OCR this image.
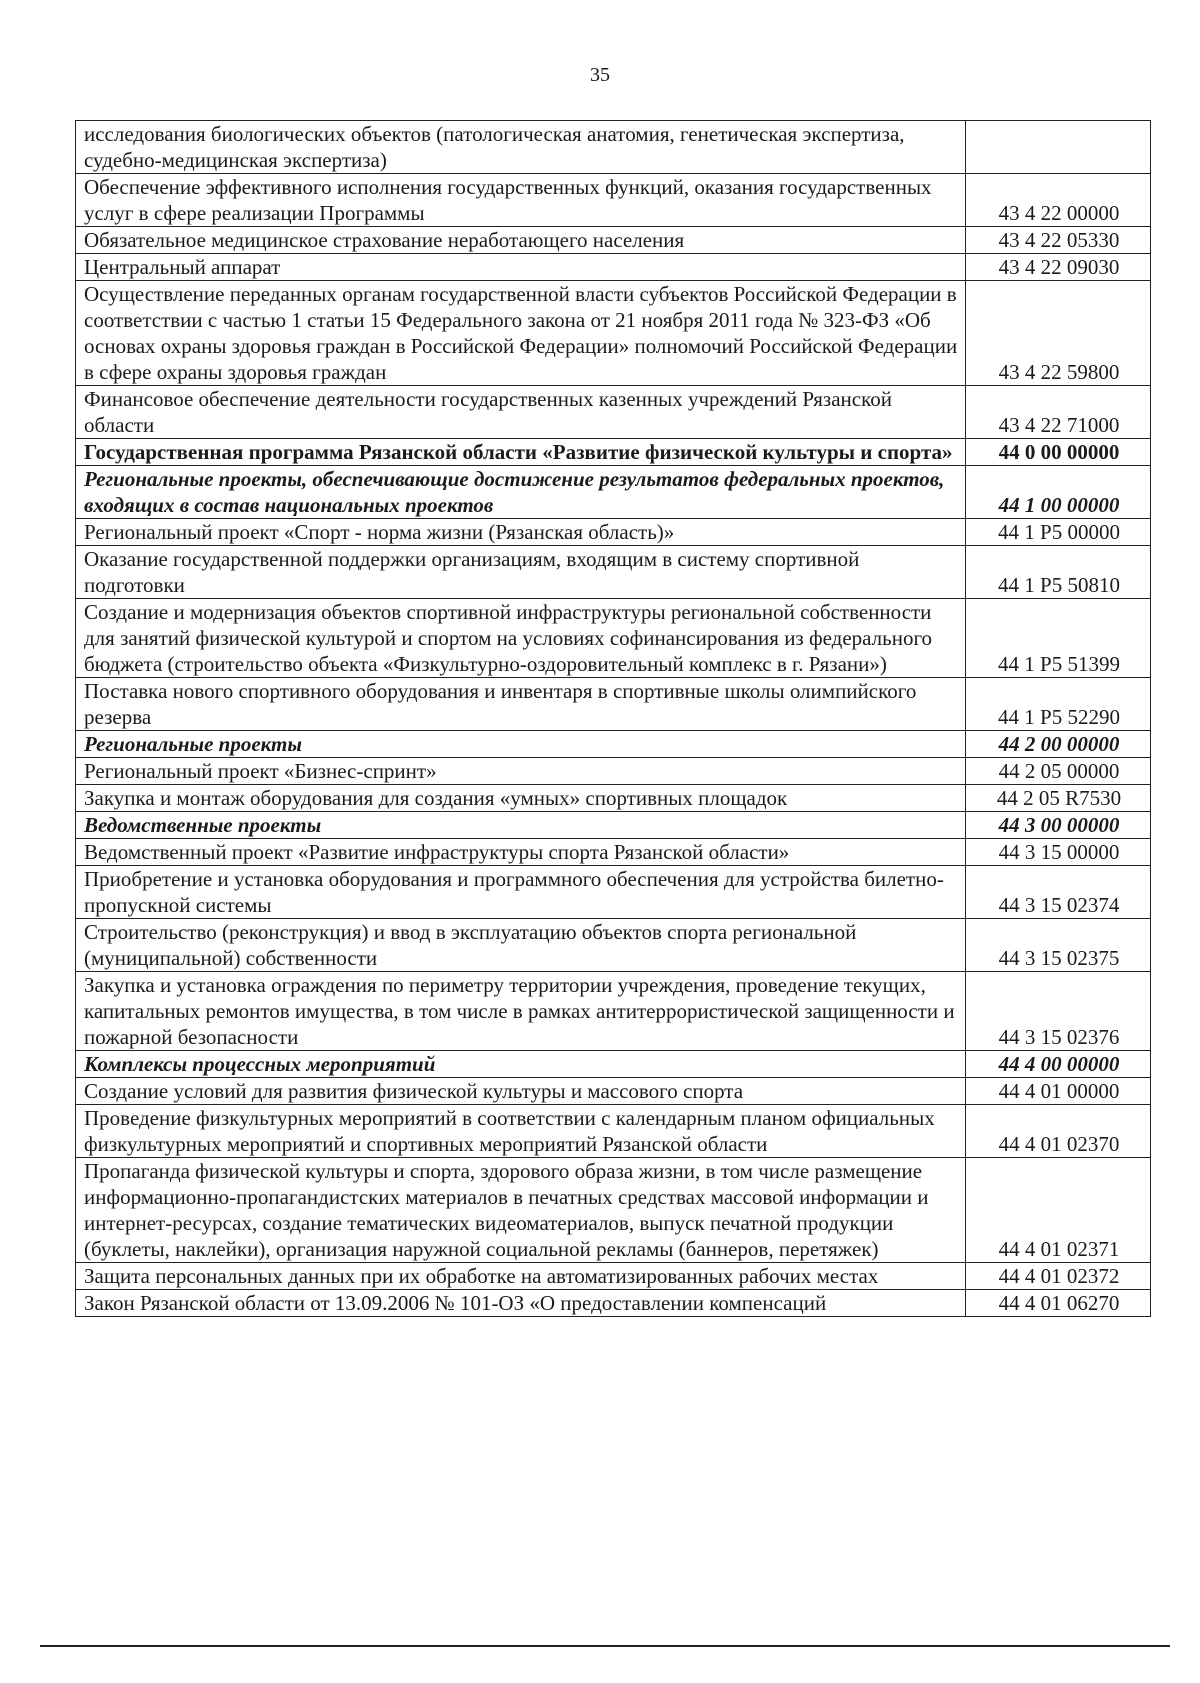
35
исследования биологических объектов (патологическая анатомия, генетическая экспертиза, судебно-медицинская экспертиза)	
Обеспечение эффективного исполнения государственных функций, оказания государственных услуг в сфере реализации Программы	43 4 22 00000
Обязательное медицинское страхование неработающего населения	43 4 22 05330
Центральный аппарат	43 4 22 09030
Осуществление переданных органам государственной власти субъектов Российской Федерации в соответствии с частью 1 статьи 15 Федерального закона от 21 ноября 2011 года № 323-ФЗ «Об основах охраны здоровья граждан в Российской Федерации» полномочий Российской Федерации в сфере охраны здоровья граждан	43 4 22 59800
Финансовое обеспечение деятельности государственных казенных учреждений Рязанской области	43 4 22 71000
Государственная программа Рязанской области «Развитие физической культуры и спорта»	44 0 00 00000
Региональные проекты, обеспечивающие достижение результатов федеральных проектов, входящих в состав национальных проектов	44 1 00 00000
Региональный проект «Спорт - норма жизни (Рязанская область)»	44 1 Р5 00000
Оказание государственной поддержки организациям, входящим в систему спортивной подготовки	44 1 Р5 50810
Создание и модернизация объектов спортивной инфраструктуры региональной собственности для занятий физической культурой и спортом на условиях софинансирования из федерального бюджета (строительство объекта «Физкультурно-оздоровительный комплекс в г. Рязани»)	44 1 Р5 51399
Поставка нового спортивного оборудования и инвентаря в спортивные школы олимпийского резерва	44 1 Р5 52290
Региональные проекты	44 2 00 00000
Региональный проект «Бизнес-спринт»	44 2 05 00000
Закупка и монтаж оборудования для создания «умных» спортивных площадок	44 2 05 R7530
Ведомственные проекты	44 3 00 00000
Ведомственный проект «Развитие инфраструктуры спорта Рязанской области»	44 3 15 00000
Приобретение и установка оборудования и программного обеспечения для устройства билетно-пропускной системы	44 3 15 02374
Строительство (реконструкция) и ввод в эксплуатацию объектов спорта региональной (муниципальной) собственности	44 3 15 02375
Закупка и установка ограждения по периметру территории учреждения, проведение текущих, капитальных ремонтов имущества, в том числе в рамках антитеррористической защищенности и пожарной безопасности	44 3 15 02376
Комплексы процессных мероприятий	44 4 00 00000
Создание условий для развития физической культуры и массового спорта	44 4 01 00000
Проведение физкультурных мероприятий в соответствии с календарным планом официальных физкультурных мероприятий и спортивных мероприятий Рязанской области	44 4 01 02370
Пропаганда физической культуры и спорта, здорового образа жизни, в том числе размещение информационно-пропагандистских материалов в печатных средствах массовой информации и интернет-ресурсах, создание тематических видеоматериалов, выпуск печатной продукции (буклеты, наклейки), организация наружной социальной рекламы (баннеров, перетяжек)	44 4 01 02371
Защита персональных данных при их обработке на автоматизированных рабочих местах	44 4 01 02372
Закон Рязанской области от 13.09.2006 № 101-ОЗ «О предоставлении компенсаций	44 4 01 06270
